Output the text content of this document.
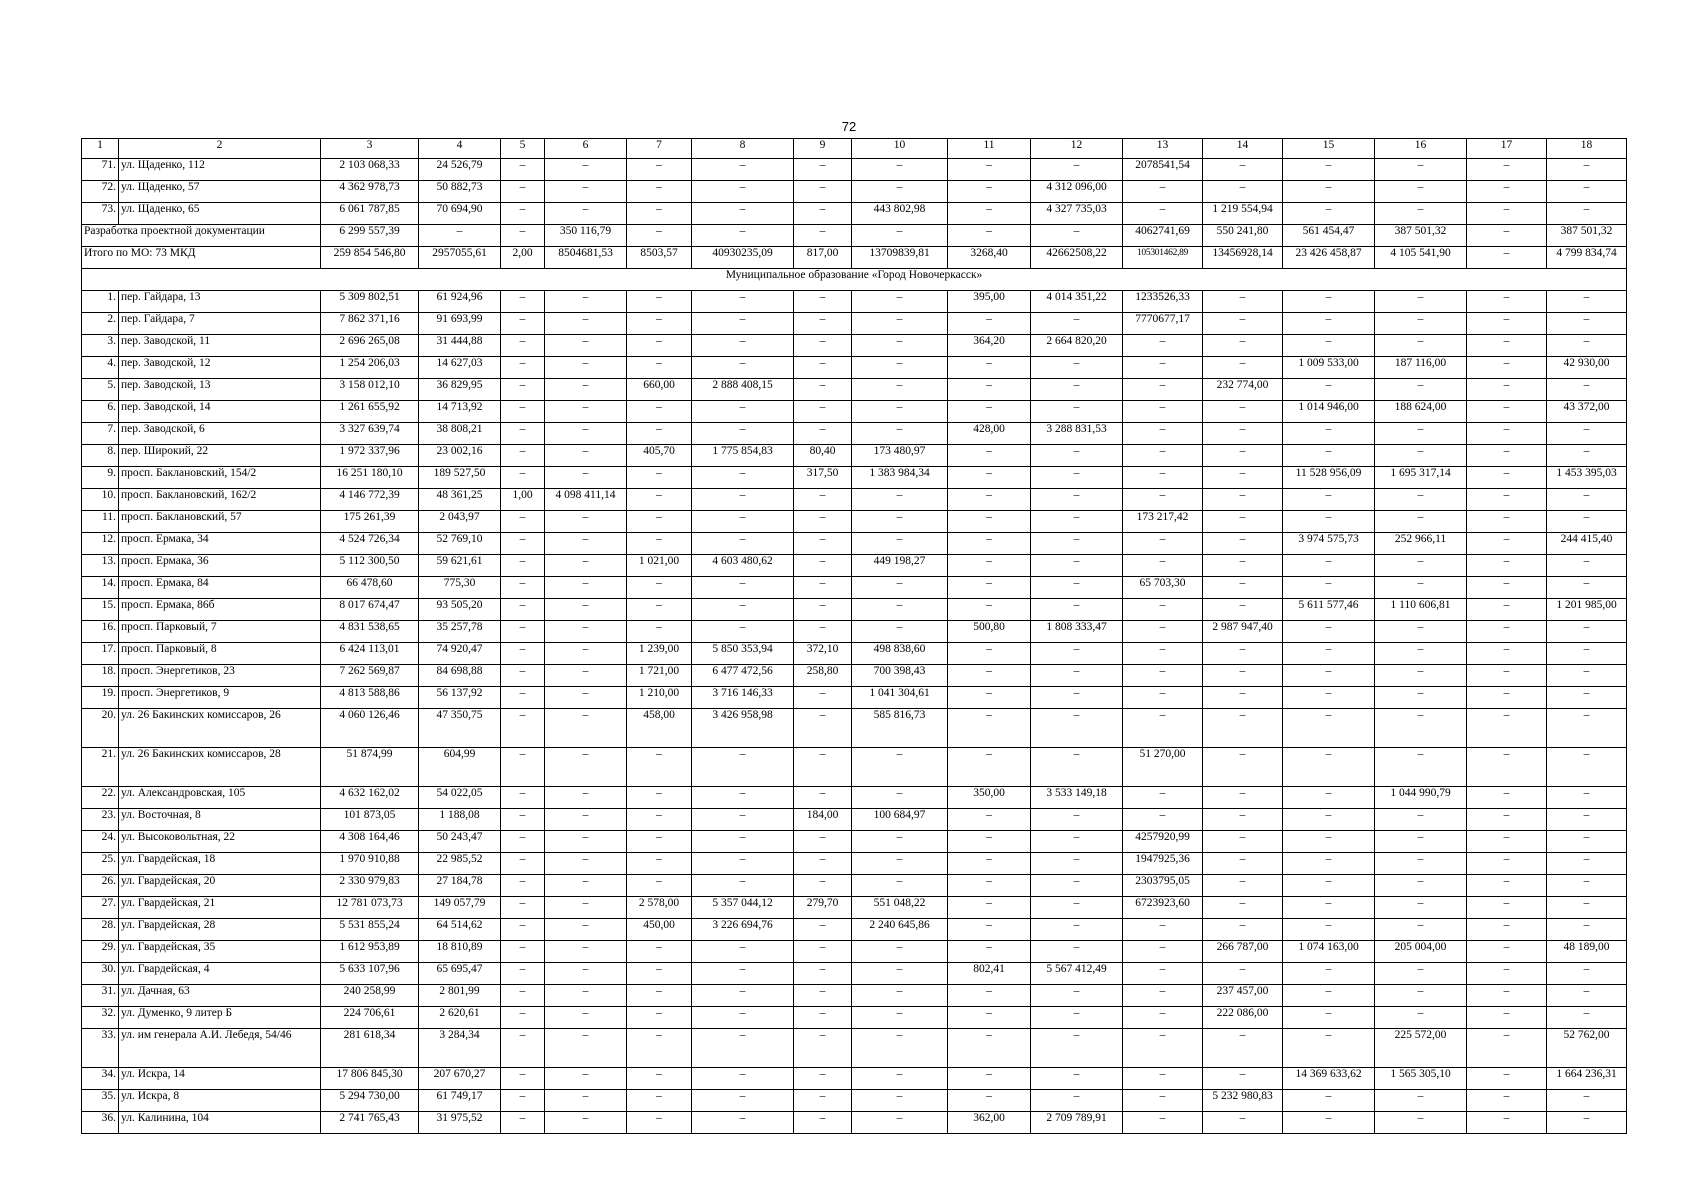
72
1	2	3	4	5	6	7	8	9	10	11	12	13	14	15	16	17	18
71.	ул. Щаденко, 112	2 103 068,33	24 526,79	–	–	–	–	–	–	–	–	2078541,54	–	–	–	–	–
72.	ул. Щаденко, 57	4 362 978,73	50 882,73	–	–	–	–	–	–	–	4 312 096,00	–	–	–	–	–	–
73.	ул. Щаденко, 65	6 061 787,85	70 694,90	–	–	–	–	–	443 802,98	–	4 327 735,03	–	1 219 554,94	–	–	–	–
Разработка проектной документации		6 299 557,39	–	–	350 116,79	–	–	–	–	–	–	4062741,69	550 241,80	561 454,47	387 501,32	–	387 501,32
Итого по МО: 73 МКД		259 854 546,80	2957055,61	2,00	8504681,53	8503,57	40930235,09	817,00	13709839,81	3268,40	42662508,22	105301462,89	13456928,14	23 426 458,87	4 105 541,90	–	4 799 834,74
Муниципальное образование «Город Новочеркасск»																	
1.	пер. Гайдара, 13	5 309 802,51	61 924,96	–	–	–	–	–	–	395,00	4 014 351,22	1233526,33	–	–	–	–	–
2.	пер. Гайдара, 7	7 862 371,16	91 693,99	–	–	–	–	–	–	–	–	7770677,17	–	–	–	–	–
3.	пер. Заводской, 11	2 696 265,08	31 444,88	–	–	–	–	–	–	364,20	2 664 820,20	–	–	–	–	–	–
4.	пер. Заводской, 12	1 254 206,03	14 627,03	–	–	–	–	–	–	–	–	–	–	1 009 533,00	187 116,00	–	42 930,00
5.	пер. Заводской, 13	3 158 012,10	36 829,95	–	–	660,00	2 888 408,15	–	–	–	–	–	232 774,00	–	–	–	–
6.	пер. Заводской, 14	1 261 655,92	14 713,92	–	–	–	–	–	–	–	–	–	–	1 014 946,00	188 624,00	–	43 372,00
7.	пер. Заводской, 6	3 327 639,74	38 808,21	–	–	–	–	–	–	428,00	3 288 831,53	–	–	–	–	–	–
8.	пер. Широкий, 22	1 972 337,96	23 002,16	–	–	405,70	1 775 854,83	80,40	173 480,97	–	–	–	–	–	–	–	–
9.	просп. Баклановский, 154/2	16 251 180,10	189 527,50	–	–	–	–	317,50	1 383 984,34	–	–	–	–	11 528 956,09	1 695 317,14	–	1 453 395,03
10.	просп. Баклановский, 162/2	4 146 772,39	48 361,25	1,00	4 098 411,14	–	–	–	–	–	–	–	–	–	–	–	–
11.	просп. Баклановский, 57	175 261,39	2 043,97	–	–	–	–	–	–	–	–	173 217,42	–	–	–	–	–
12.	просп. Ермака, 34	4 524 726,34	52 769,10	–	–	–	–	–	–	–	–	–	–	3 974 575,73	252 966,11	–	244 415,40
13.	просп. Ермака, 36	5 112 300,50	59 621,61	–	–	1 021,00	4 603 480,62	–	449 198,27	–	–	–	–	–	–	–	–
14.	просп. Ермака, 84	66 478,60	775,30	–	–	–	–	–	–	–	–	65 703,30	–	–	–	–	–
15.	просп. Ермака, 86б	8 017 674,47	93 505,20	–	–	–	–	–	–	–	–	–	–	5 611 577,46	1 110 606,81	–	1 201 985,00
16.	просп. Парковый, 7	4 831 538,65	35 257,78	–	–	–	–	–	–	500,80	1 808 333,47	–	2 987 947,40	–	–	–	–
17.	просп. Парковый, 8	6 424 113,01	74 920,47	–	–	1 239,00	5 850 353,94	372,10	498 838,60	–	–	–	–	–	–	–	–
18.	просп. Энергетиков, 23	7 262 569,87	84 698,88	–	–	1 721,00	6 477 472,56	258,80	700 398,43	–	–	–	–	–	–	–	–
19.	просп. Энергетиков, 9	4 813 588,86	56 137,92	–	–	1 210,00	3 716 146,33	–	1 041 304,61	–	–	–	–	–	–	–	–
20.	ул. 26 Бакинских комиссаров, 26	4 060 126,46	47 350,75	–	–	458,00	3 426 958,98	–	585 816,73	–	–	–	–	–	–	–	–
21.	ул. 26 Бакинских комиссаров, 28	51 874,99	604,99	–	–	–	–	–	–	–	–	51 270,00	–	–	–	–	–
22.	ул. Александровская, 105	4 632 162,02	54 022,05	–	–	–	–	–	–	350,00	3 533 149,18	–	–	–	1 044 990,79	–	–
23.	ул. Восточная, 8	101 873,05	1 188,08	–	–	–	–	184,00	100 684,97	–	–	–	–	–	–	–	–
24.	ул. Высоковольтная, 22	4 308 164,46	50 243,47	–	–	–	–	–	–	–	–	4257920,99	–	–	–	–	–
25.	ул. Гвардейская, 18	1 970 910,88	22 985,52	–	–	–	–	–	–	–	–	1947925,36	–	–	–	–	–
26.	ул. Гвардейская, 20	2 330 979,83	27 184,78	–	–	–	–	–	–	–	–	2303795,05	–	–	–	–	–
27.	ул. Гвардейская, 21	12 781 073,73	149 057,79	–	–	2 578,00	5 357 044,12	279,70	551 048,22	–	–	6723923,60	–	–	–	–	–
28.	ул. Гвардейская, 28	5 531 855,24	64 514,62	–	–	450,00	3 226 694,76	–	2 240 645,86	–	–	–	–	–	–	–	–
29.	ул. Гвардейская, 35	1 612 953,89	18 810,89	–	–	–	–	–	–	–	–	–	266 787,00	1 074 163,00	205 004,00	–	48 189,00
30.	ул. Гвардейская, 4	5 633 107,96	65 695,47	–	–	–	–	–	–	802,41	5 567 412,49	–	–	–	–	–	–
31.	ул. Дачная, 63	240 258,99	2 801,99	–	–	–	–	–	–	–	–	–	237 457,00	–	–	–	–
32.	ул. Думенко, 9 литер Б	224 706,61	2 620,61	–	–	–	–	–	–	–	–	–	222 086,00	–	–	–	–
33.	ул. им генерала А.И. Лебедя, 54/46	281 618,34	3 284,34	–	–	–	–	–	–	–	–	–	–	–	225 572,00	–	52 762,00
34.	ул. Искра, 14	17 806 845,30	207 670,27	–	–	–	–	–	–	–	–	–	–	14 369 633,62	1 565 305,10	–	1 664 236,31
35.	ул. Искра, 8	5 294 730,00	61 749,17	–	–	–	–	–	–	–	–	–	5 232 980,83	–	–	–	–
36.	ул. Калинина, 104	2 741 765,43	31 975,52	–	–	–	–	–	–	362,00	2 709 789,91	–	–	–	–	–	–
